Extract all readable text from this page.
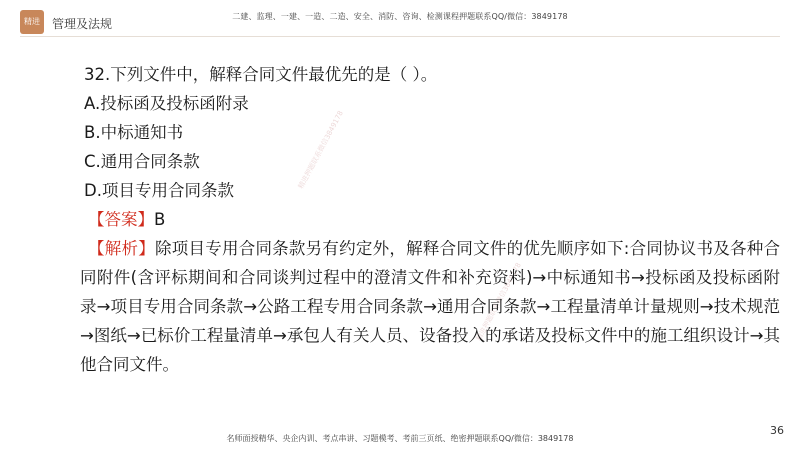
精进	管理及法规
二建、监理、一建、一造、二造、安全、消防、咨询、检测课程押题联系QQ/微信：3849178
精进押题联系微信3849178
精进押题联系微信3849178
32.下列文件中，解释合同文件最优先的是（ ）。
A.投标函及投标函附录
B.中标通知书
C.通用合同条款
D.项目专用合同条款
【答案】B
【解析】除项目专用合同条款另有约定外，解释合同文件的优先顺序如下:合同协议书及各种合同附件(含评标期间和合同谈判过程中的澄清文件和补充资料)→中标通知书→投标函及投标函附录→项目专用合同条款→公路工程专用合同条款→通用合同条款→工程量清单计量规则→技术规范→图纸→已标价工程量清单→承包人有关人员、设备投入的承诺及投标文件中的施工组织设计→其他合同文件。
36
名师面授精华、央企内训、考点串讲、习题模考、考前三页纸、绝密押题联系QQ/微信：3849178
